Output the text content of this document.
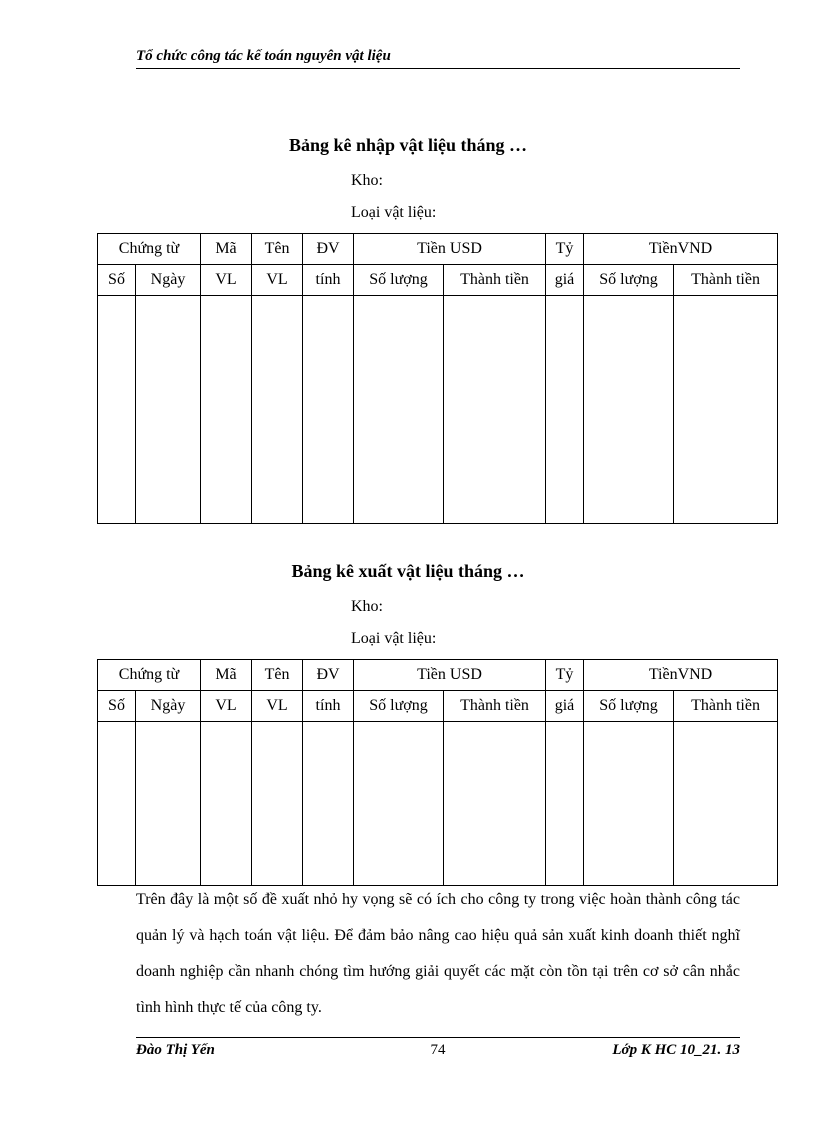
Tổ chức công tác kế toán nguyên vật liệu
Bảng kê nhập vật liệu tháng …
Kho:
Loại vật liệu:
Chứng từ		Mã	Tên	ĐV	Tiền USD		Tỷ	TiềnVND	
Số	Ngày	VL	VL	tính	Số lượng	Thành tiền	giá	Số lượng	Thành tiền

Bảng kê xuất vật liệu tháng …
Kho:
Loại vật liệu:
Chứng từ		Mã	Tên	ĐV	Tiền USD		Tỷ	TiềnVND	
Số	Ngày	VL	VL	tính	Số lượng	Thành tiền	giá	Số lượng	Thành tiền

Trên đây là một số đề xuất nhỏ hy vọng sẽ có ích cho công ty trong việc hoàn thành công tác quản lý và hạch toán vật liệu. Để đảm bảo nâng cao hiệu quả sản xuất kinh doanh thiết nghĩ doanh nghiệp cần nhanh chóng tìm hướng giải quyết các mặt còn tồn tại trên cơ sở cân nhắc tình hình thực tế của công ty.

Đào Thị Yến	74	Lớp K HC 10_21. 13
